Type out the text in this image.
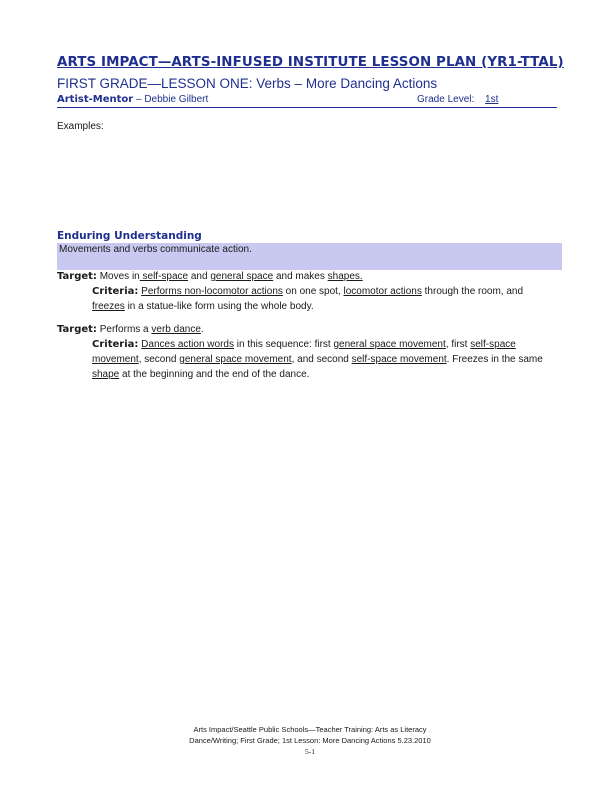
ARTS IMPACT—ARTS-INFUSED INSTITUTE LESSON PLAN (YR1-TTAL)
FIRST GRADE—LESSON ONE: Verbs – More Dancing Actions
Artist-Mentor – Debbie Gilbert	Grade Level: 1st
Examples:
Enduring Understanding
Movements and verbs communicate action.
Target: Moves in self-space and general space and makes shapes.
Criteria: Performs non-locomotor actions on one spot, locomotor actions through the room, and freezes in a statue-like form using the whole body.
Target: Performs a verb dance.
Criteria: Dances action words in this sequence: first general space movement, first self-space movement, second general space movement, and second self-space movement. Freezes in the same shape at the beginning and the end of the dance.
Arts Impact/Seattle Public Schools—Teacher Training: Arts as Literacy
Dance/Writing; First Grade; 1st Lesson: More Dancing Actions 5.23.2010
5-1
